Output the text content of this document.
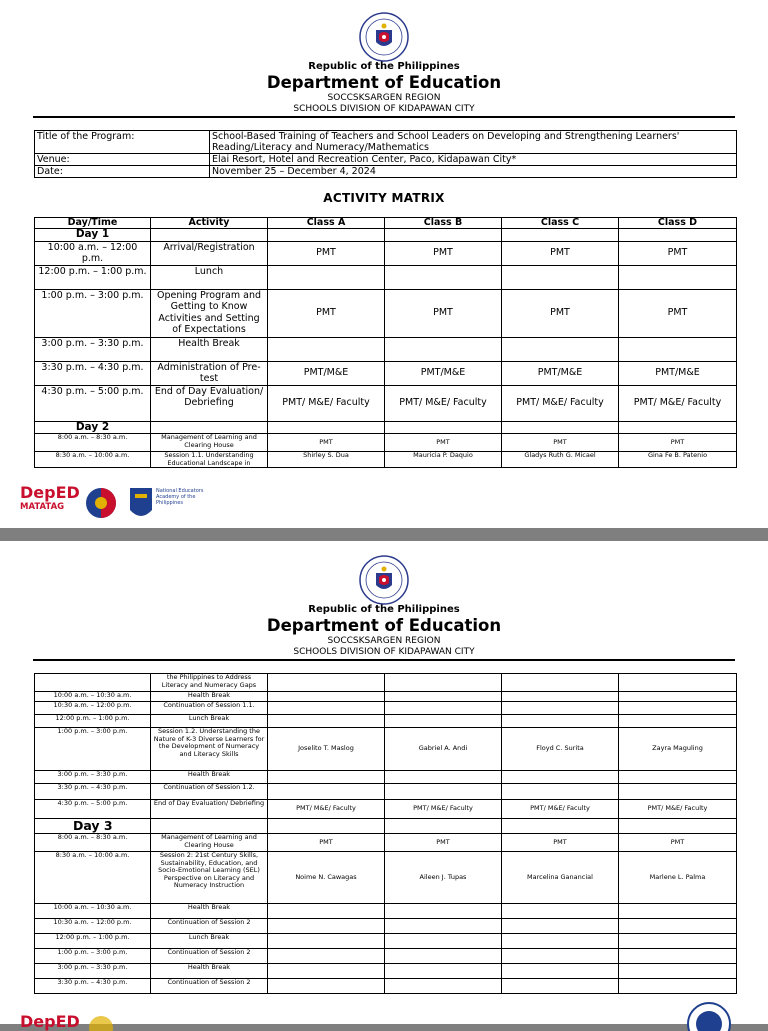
Republic of the Philippines
Department of Education
SOCCSKSARGEN REGION
SCHOOLS DIVISION OF KIDAPAWAN CITY
Title of the Program:	School-Based Training of Teachers and School Leaders on Developing and Strengthening Learners' Reading/Literacy and Numeracy/Mathematics
Venue:	Elai Resort, Hotel and Recreation Center, Paco, Kidapawan City*
Date:	November 25 – December 4, 2024
ACTIVITY MATRIX
Day/Time	Activity	Class A	Class B	Class C	Class D
Day 1					
10:00 a.m. – 12:00 p.m.	Arrival/Registration	PMT	PMT	PMT	PMT
12:00 p.m. – 1:00 p.m.	Lunch				
1:00 p.m. – 3:00 p.m.	Opening Program and Getting to Know Activities and Setting of Expectations	PMT	PMT	PMT	PMT
3:00 p.m. – 3:30 p.m.	Health Break				
3:30 p.m. – 4:30 p.m.	Administration of Pre-test	PMT/M&E	PMT/M&E	PMT/M&E	PMT/M&E
4:30 p.m. – 5:00 p.m.	End of Day Evaluation/ Debriefing	PMT/ M&E/ Faculty	PMT/ M&E/ Faculty	PMT/ M&E/ Faculty	PMT/ M&E/ Faculty
Day 2					
8:00 a.m. – 8:30 a.m.	Management of Learning and Clearing House	PMT	PMT	PMT	PMT
8:30 a.m. – 10:00 a.m.	Session 1.1. Understanding Educational Landscape in	Shirley S. Dua	Mauricia P. Daquio	Gladys Ruth G. Micael	Gina Fe B. Patenio
DepED
MATATAG
National Educators Academy of the Philippines
Republic of the Philippines
Department of Education
SOCCSKSARGEN REGION
SCHOOLS DIVISION OF KIDAPAWAN CITY
	the Philippines to Address Literacy and Numeracy Gaps				
10:00 a.m. – 10:30 a.m.	Health Break				
10:30 a.m. – 12:00 p.m.	Continuation of Session 1.1.				
12:00 p.m. – 1:00 p.m.	Lunch Break				
1:00 p.m. – 3:00 p.m.	Session 1.2. Understanding the Nature of K-3 Diverse Learners for the Development of Numeracy and Literacy Skills	Joselito T. Maslog	Gabriel A. Andi	Floyd C. Surita	Zayra Maguling
3:00 p.m. – 3:30 p.m.	Health Break				
3:30 p.m. – 4:30 p.m.	Continuation of Session 1.2.				
4:30 p.m. – 5:00 p.m.	End of Day Evaluation/ Debriefing	PMT/ M&E/ Faculty	PMT/ M&E/ Faculty	PMT/ M&E/ Faculty	PMT/ M&E/ Faculty
Day 3					
8:00 a.m. – 8:30 a.m.	Management of Learning and Clearing House	PMT	PMT	PMT	PMT
8:30 a.m. – 10:00 a.m.	Session 2: 21st Century Skills, Sustainability, Education, and Socio-Emotional Learning (SEL) Perspective on Literacy and Numeracy Instruction	Noime N. Cawagas	Aileen J. Tupas	Marcelina Ganancial	Marlene L. Palma
10:00 a.m. – 10:30 a.m.	Health Break				
10:30 a.m. – 12:00 p.m.	Continuation of Session 2				
12:00 p.m. – 1:00 p.m.	Lunch Break				
1:00 p.m. – 3:00 p.m.	Continuation of Session 2				
3:00 p.m. – 3:30 p.m.	Health Break				
3:30 p.m. – 4:30 p.m.	Continuation of Session 2				
DepED
